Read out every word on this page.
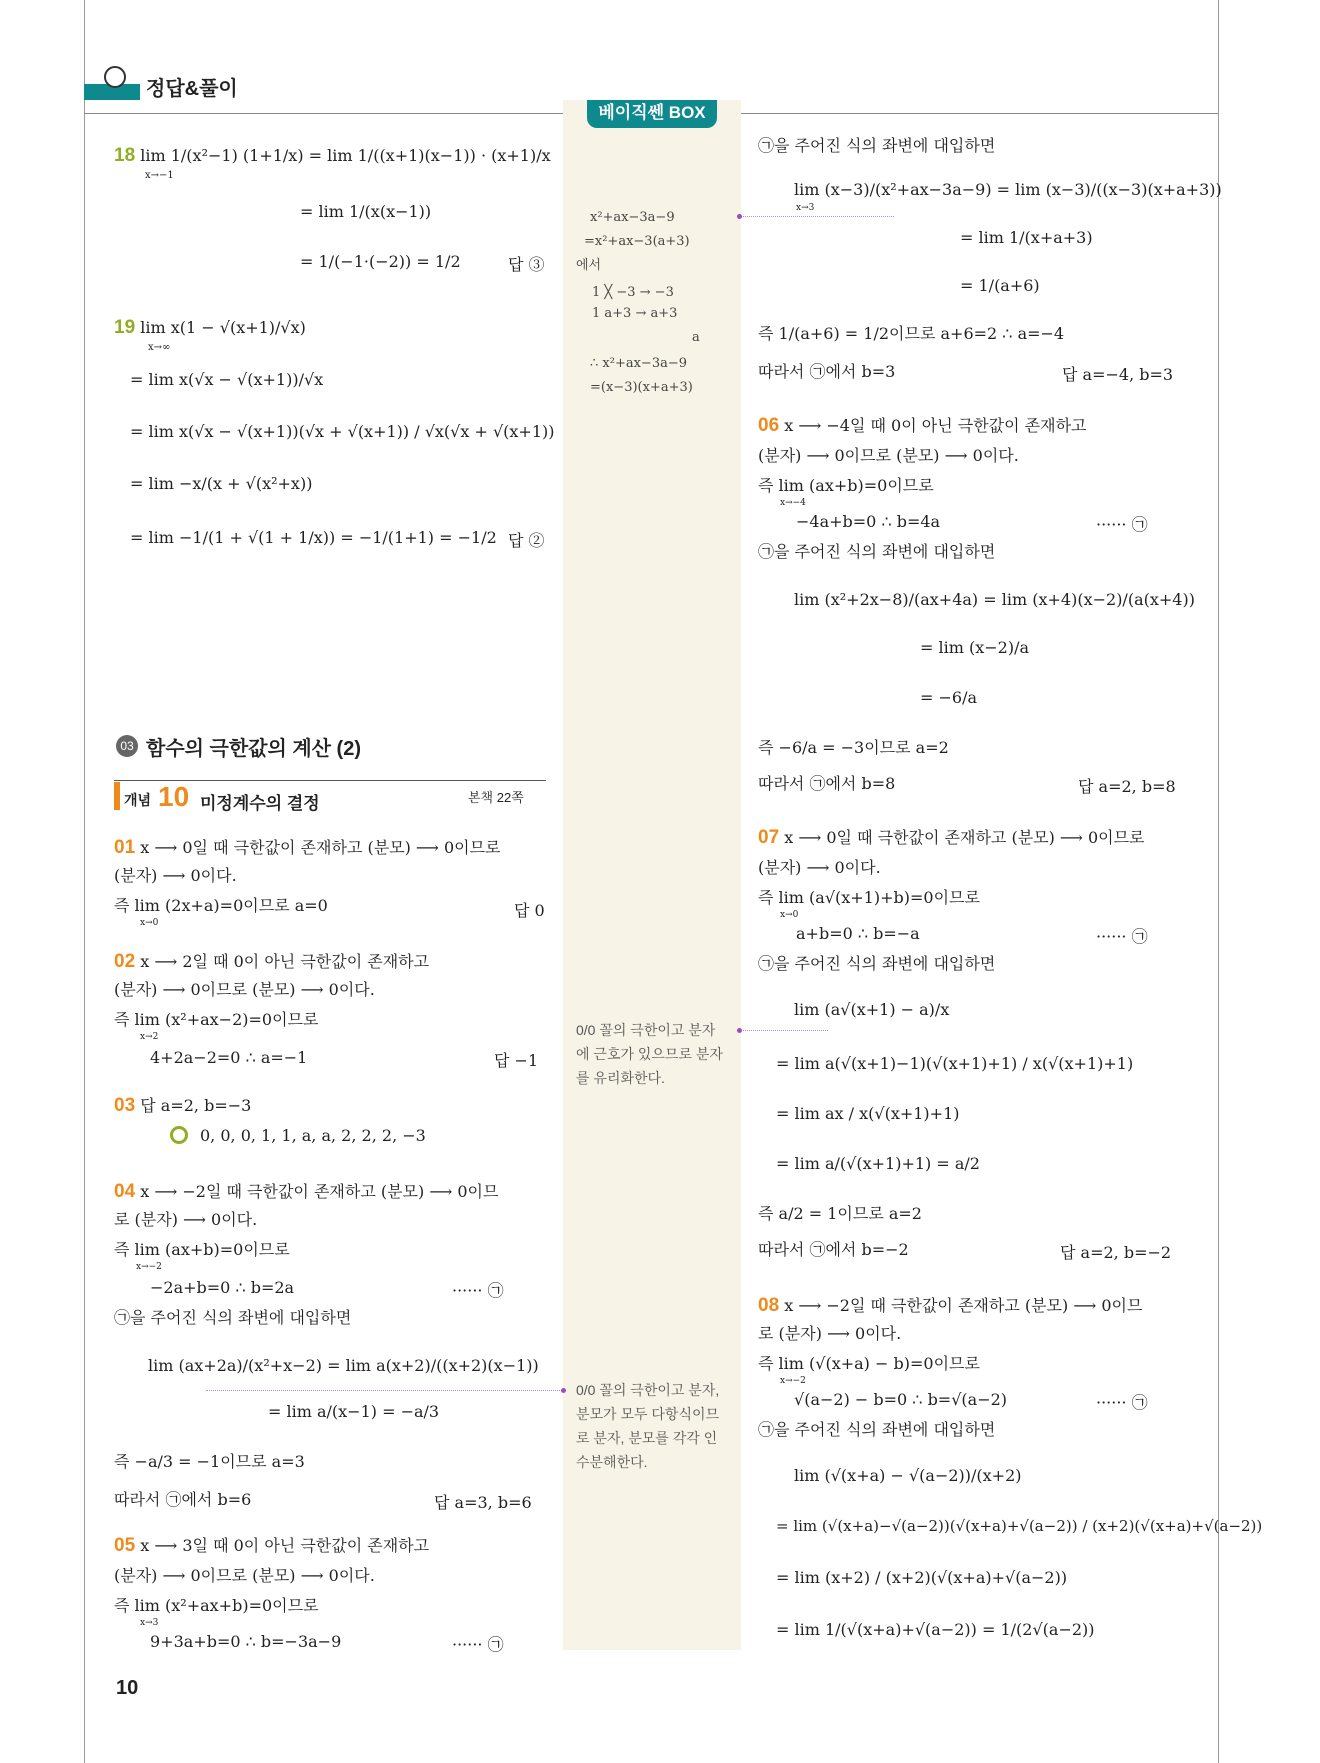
정답&풀이
베이직쎈 BOX
18 lim 1/(x²−1) (1+1/x) = lim 1/((x+1)(x−1)) · (x+1)/x
x→−1
= lim 1/(x(x−1))
= 1/(−1·(−2)) = 1/2	답 ③
19 lim x(1 − √(x+1)/√x)
x→∞
= lim x(√x − √(x+1))/√x
= lim x(√x − √(x+1))(√x + √(x+1)) / √x(√x + √(x+1))
= lim −x/(x + √(x²+x))
= lim −1/(1 + √(1 + 1/x)) = −1/(1+1) = −1/2 답 ②
03 함수의 극한값의 계산 (2)
개념 10 미정계수의 결정	본책 22쪽
01 x ⟶ 0일 때 극한값이 존재하고 (분모) ⟶ 0이므로
(분자) ⟶ 0이다.
즉 lim (2x+a)=0이므로 a=0
x→0
답 0
02 x ⟶ 2일 때 0이 아닌 극한값이 존재하고
(분자) ⟶ 0이므로 (분모) ⟶ 0이다.
즉 lim (x²+ax−2)=0이므로
x→2
4+2a−2=0 ∴ a=−1	답 −1
03 답 a=2, b=−3
0, 0, 0, 1, 1, a, a, 2, 2, 2, −3
04 x ⟶ −2일 때 극한값이 존재하고 (분모) ⟶ 0이므
로 (분자) ⟶ 0이다.
즉 lim (ax+b)=0이므로
x→−2
−2a+b=0 ∴ b=2a	······ ㉠
㉠을 주어진 식의 좌변에 대입하면
lim (ax+2a)/(x²+x−2) = lim a(x+2)/((x+2)(x−1))
= lim a/(x−1) = −a/3
즉 −a/3 = −1이므로 a=3
따라서 ㉠에서 b=6	답 a=3, b=6
05 x ⟶ 3일 때 0이 아닌 극한값이 존재하고
(분자) ⟶ 0이므로 (분모) ⟶ 0이다.
즉 lim (x²+ax+b)=0이므로
x→3
9+3a+b=0 ∴ b=−3a−9	······ ㉠
10
x²+ax−3a−9
=x²+ax−3(a+3)
에서
1 ╳ −3 → −3
1 a+3 → a+3
a
∴ x²+ax−3a−9
=(x−3)(x+a+3)
0/0 꼴의 극한이고 분자
에 근호가 있으므로 분자
를 유리화한다.
0/0 꼴의 극한이고 분자,
분모가 모두 다항식이므
로 분자, 분모를 각각 인
수분해한다.
㉠을 주어진 식의 좌변에 대입하면
lim (x−3)/(x²+ax−3a−9) = lim (x−3)/((x−3)(x+a+3))
x→3
= lim 1/(x+a+3)
= 1/(a+6)
즉 1/(a+6) = 1/2이므로 a+6=2 ∴ a=−4
따라서 ㉠에서 b=3	답 a=−4, b=3
06 x ⟶ −4일 때 0이 아닌 극한값이 존재하고
(분자) ⟶ 0이므로 (분모) ⟶ 0이다.
즉 lim (ax+b)=0이므로
x→−4
−4a+b=0 ∴ b=4a	······ ㉠
㉠을 주어진 식의 좌변에 대입하면
lim (x²+2x−8)/(ax+4a) = lim (x+4)(x−2)/(a(x+4))
= lim (x−2)/a
= −6/a
즉 −6/a = −3이므로 a=2
따라서 ㉠에서 b=8	답 a=2, b=8
07 x ⟶ 0일 때 극한값이 존재하고 (분모) ⟶ 0이므로
(분자) ⟶ 0이다.
즉 lim (a√(x+1)+b)=0이므로
x→0
a+b=0 ∴ b=−a	······ ㉠
㉠을 주어진 식의 좌변에 대입하면
lim (a√(x+1) − a)/x
= lim a(√(x+1)−1)(√(x+1)+1) / x(√(x+1)+1)
= lim ax / x(√(x+1)+1)
= lim a/(√(x+1)+1) = a/2
즉 a/2 = 1이므로 a=2
따라서 ㉠에서 b=−2	답 a=2, b=−2
08 x ⟶ −2일 때 극한값이 존재하고 (분모) ⟶ 0이므
로 (분자) ⟶ 0이다.
즉 lim (√(x+a) − b)=0이므로
x→−2
√(a−2) − b=0 ∴ b=√(a−2)	······ ㉠
㉠을 주어진 식의 좌변에 대입하면
lim (√(x+a) − √(a−2))/(x+2)
= lim (√(x+a)−√(a−2))(√(x+a)+√(a−2)) / (x+2)(√(x+a)+√(a−2))
= lim (x+2) / (x+2)(√(x+a)+√(a−2))
= lim 1/(√(x+a)+√(a−2)) = 1/(2√(a−2))
